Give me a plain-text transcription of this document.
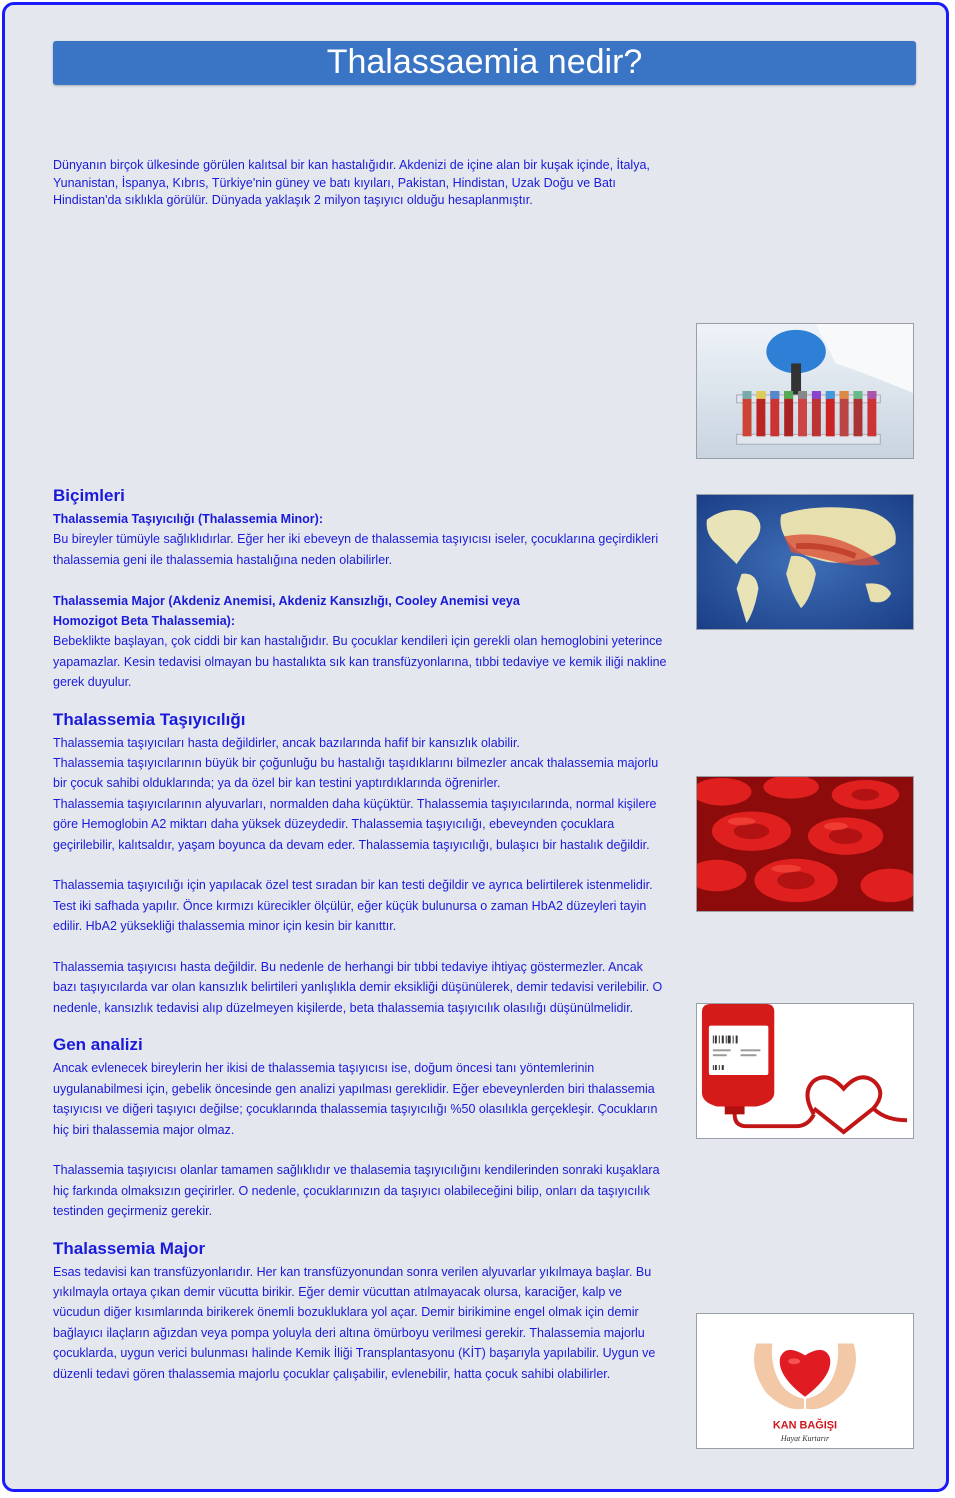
Thalassaemia nedir?
Dünyanın birçok ülkesinde görülen kalıtsal bir kan hastalığıdır. Akdenizi de içine alan bir kuşak içinde, İtalya, Yunanistan, İspanya, Kıbrıs, Türkiye'nin güney ve batı kıyıları, Pakistan, Hindistan, Uzak Doğu ve Batı Hindistan'da sıklıkla görülür. Dünyada yaklaşık 2 milyon taşıyıcı olduğu hesaplanmıştır.
Biçimleri

Thalassemia Taşıyıcılığı (Thalassemia Minor):

Bu bireyler tümüyle sağlıklıdırlar. Eğer her iki ebeveyn de thalassemia taşıyıcısı iseler, çocuklarına geçirdikleri thalassemia geni ile thalassemia hastalığına neden olabilirler.

Thalassemia Major (Akdeniz Anemisi, Akdeniz Kansızlığı, Cooley Anemisi veya

Homozigot Beta Thalassemia):

Bebeklikte başlayan, çok ciddi bir kan hastalığıdır. Bu çocuklar kendileri için gerekli olan hemoglobini yeterince yapamazlar. Kesin tedavisi olmayan bu hastalıkta sık kan transfüzyonlarına, tıbbi tedaviye ve kemik iliği nakline gerek duyulur.

Thalassemia Taşıyıcılığı

Thalassemia taşıyıcıları hasta değildirler, ancak bazılarında hafif bir kansızlık olabilir.

Thalassemia taşıyıcılarının büyük bir çoğunluğu bu hastalığı taşıdıklarını bilmezler ancak thalassemia majorlu bir çocuk sahibi olduklarında; ya da özel bir kan testini yaptırdıklarında öğrenirler.

Thalassemia taşıyıcılarının alyuvarları, normalden daha küçüktür. Thalassemia taşıyıcılarında, normal kişilere göre Hemoglobin A2 miktarı daha yüksek düzeydedir. Thalassemia taşıyıcılığı, ebeveynden çocuklara geçirilebilir, kalıtsaldır, yaşam boyunca da devam eder. Thalassemia taşıyıcılığı, bulaşıcı bir hastalık değildir.

Thalassemia taşıyıcılığı için yapılacak özel test sıradan bir kan testi değildir ve ayrıca belirtilerek istenmelidir. Test iki safhada yapılır. Önce kırmızı kürecikler ölçülür, eğer küçük bulunursa o zaman HbA2 düzeyleri tayin edilir. HbA2 yüksekliği thalassemia minor için kesin bir kanıttır.

Thalassemia taşıyıcısı hasta değildir. Bu nedenle de herhangi bir tıbbi tedaviye ihtiyaç göstermezler. Ancak bazı taşıyıcılarda var olan kansızlık belirtileri yanlışlıkla demir eksikliği düşünülerek, demir tedavisi verilebilir. O nedenle, kansızlık tedavisi alıp düzelmeyen kişilerde, beta thalassemia taşıyıcılık olasılığı düşünülmelidir.

Gen analizi

Ancak evlenecek bireylerin her ikisi de thalassemia taşıyıcısı ise, doğum öncesi tanı yöntemlerinin uygulanabilmesi için, gebelik öncesinde gen analizi yapılması gereklidir. Eğer ebeveynlerden biri thalassemia taşıyıcısı ve diğeri taşıyıcı değilse; çocuklarında thalassemia taşıyıcılığı %50 olasılıkla gerçekleşir. Çocukların hiç biri thalassemia major olmaz.

Thalassemia taşıyıcısı olanlar tamamen sağlıklıdır ve thalasemia taşıyıcılığını kendilerinden sonraki kuşaklara hiç farkında olmaksızın geçirirler. O nedenle, çocuklarınızın da taşıyıcı olabileceğini bilip, onları da taşıyıcılık testinden geçirmeniz gerekir.

Thalassemia Major

Esas tedavisi kan transfüzyonlarıdır. Her kan transfüzyonundan sonra verilen alyuvarlar yıkılmaya başlar. Bu yıkılmayla ortaya çıkan demir vücutta birikir. Eğer demir vücuttan atılmayacak olursa, karaciğer, kalp ve vücudun diğer kısımlarında birikerek önemli bozukluklara yol açar. Demir birikimine engel olmak için demir bağlayıcı ilaçların ağızdan veya pompa yoluyla deri altına ömürboyu verilmesi gerekir. Thalassemia majorlu çocuklarda, uygun verici bulunması halinde Kemik İliği Transplantasyonu (KİT) başarıyla yapılabilir. Uygun ve düzenli tedavi gören thalassemia majorlu çocuklar çalışabilir, evlenebilir, hatta çocuk sahibi olabilirler.

KAN BAĞIŞI
Hayat Kurtarır
